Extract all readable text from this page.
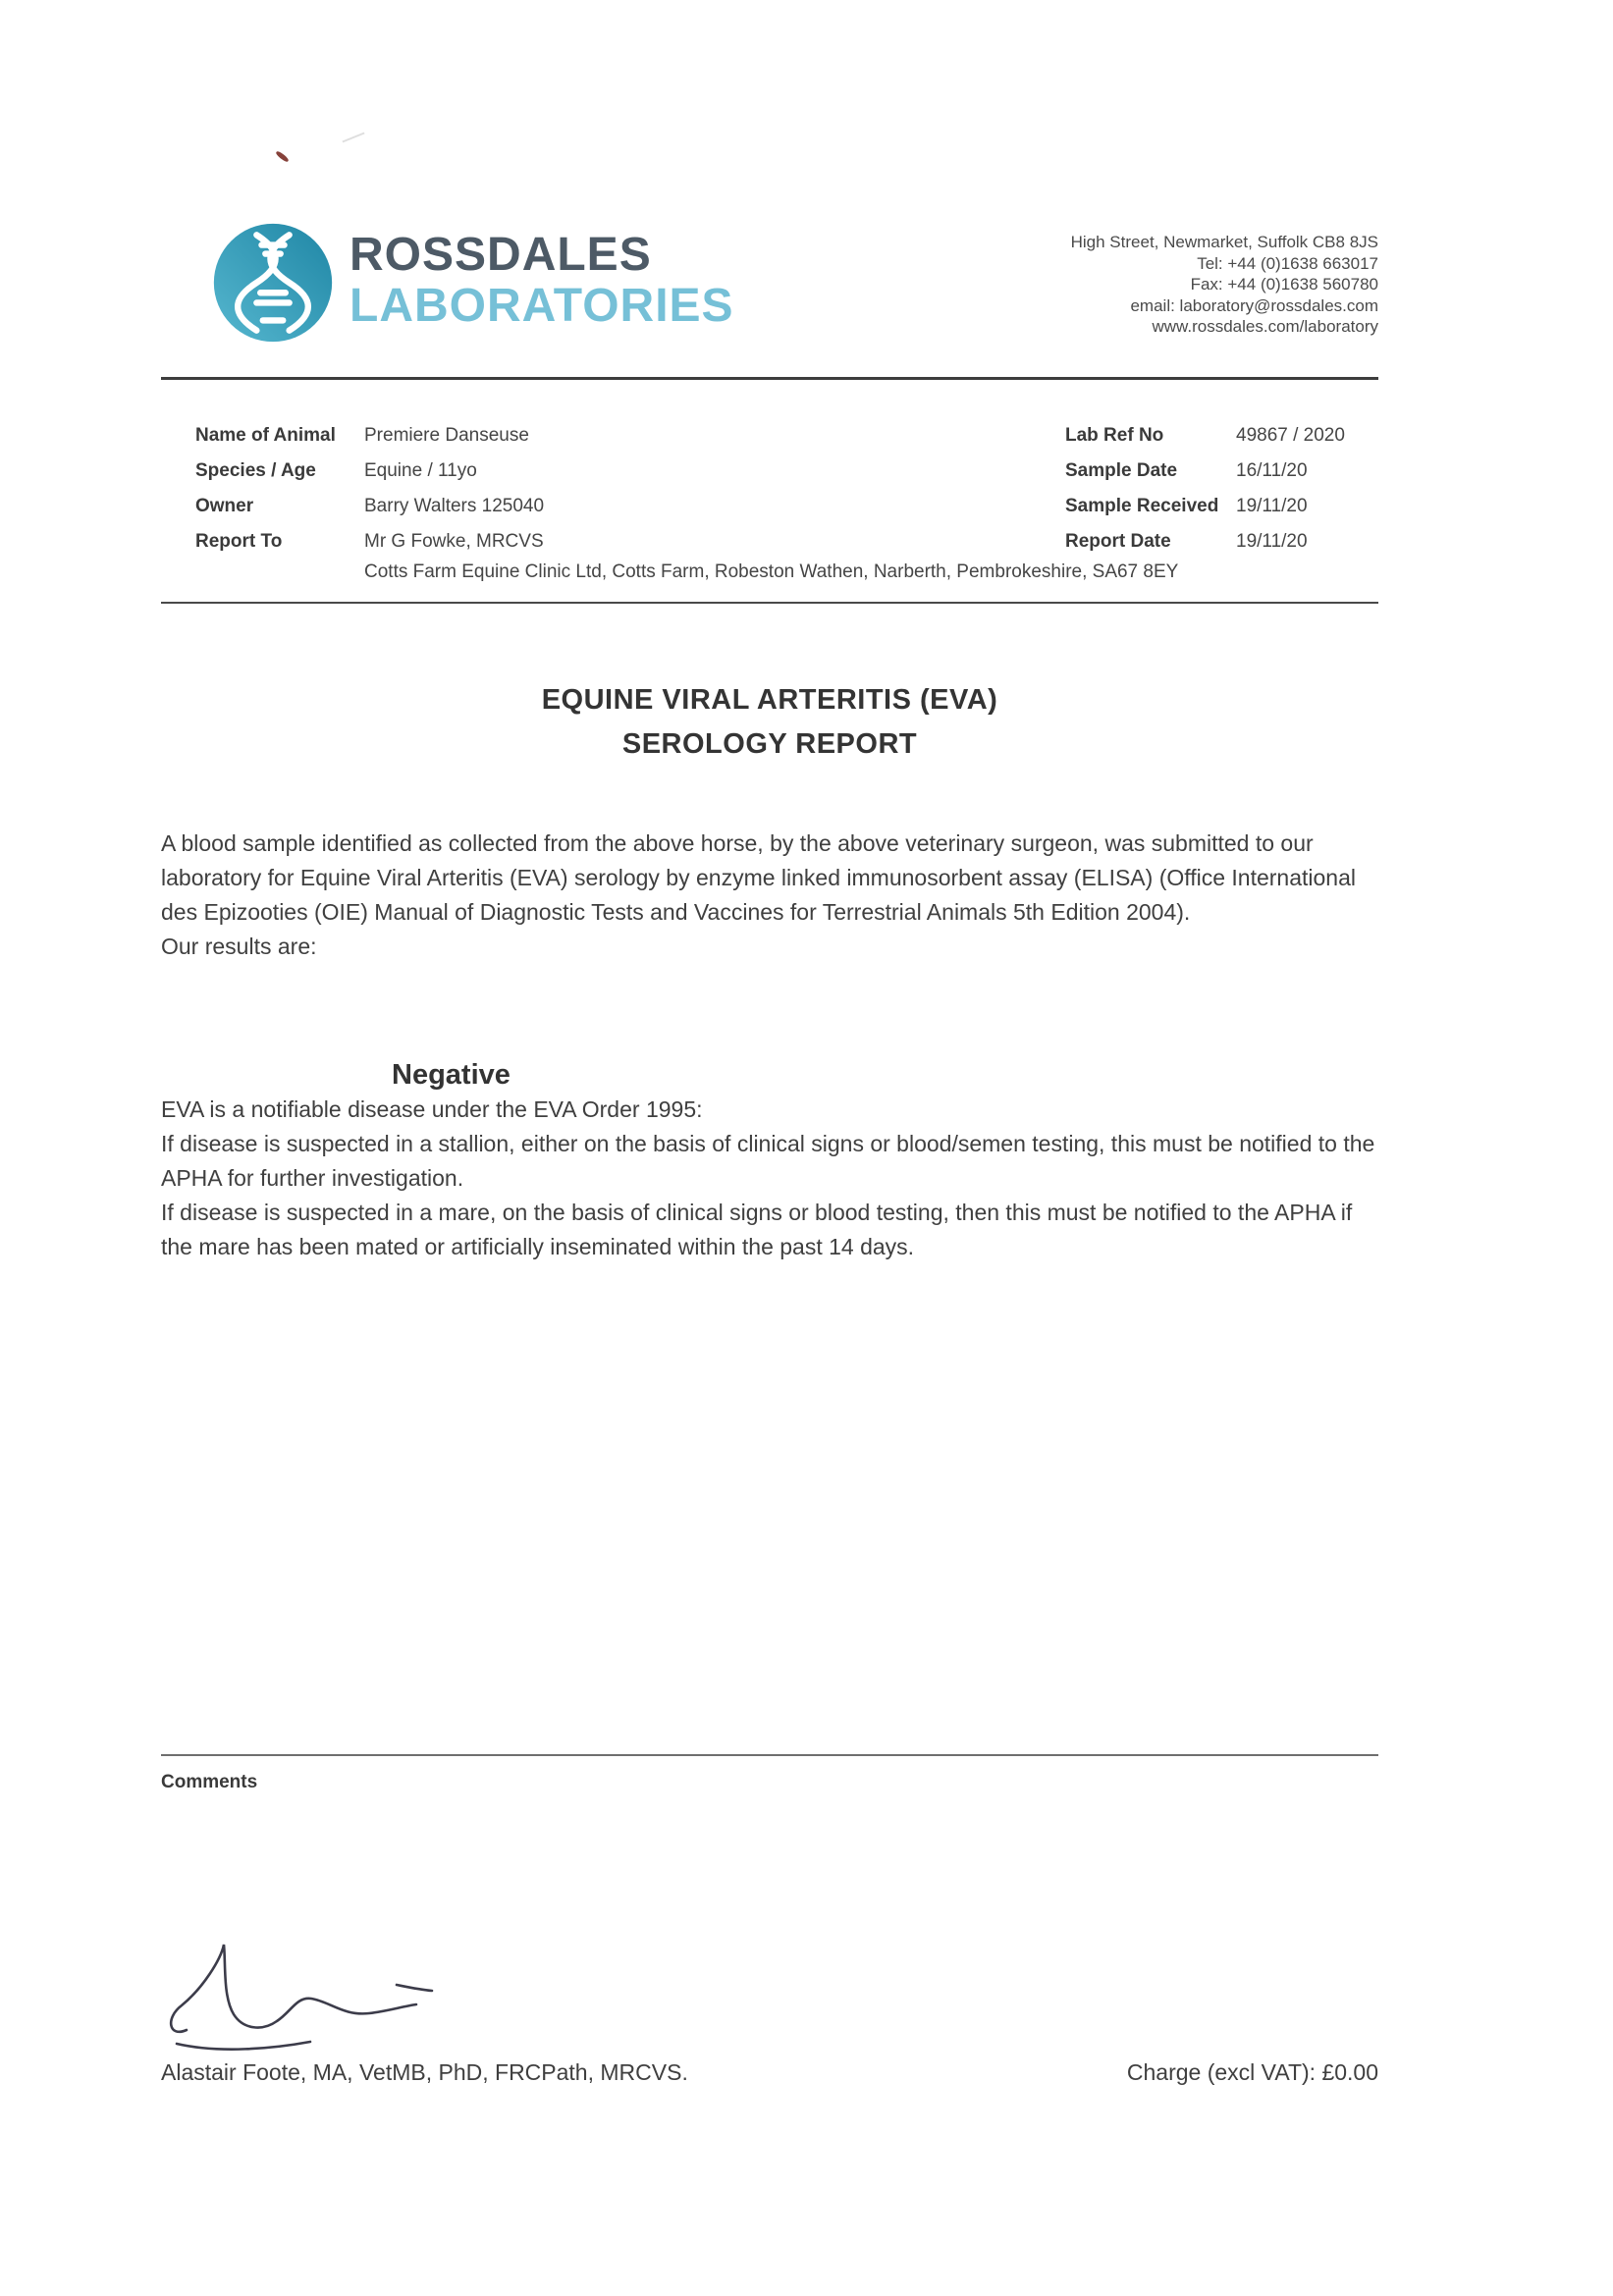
ROSSDALES
LABORATORIES
High Street, Newmarket, Suffolk CB8 8JS
Tel: +44 (0)1638 663017
Fax: +44 (0)1638 560780
email: laboratory@rossdales.com
www.rossdales.com/laboratory
Name of Animal	Premiere Danseuse
Species / Age	Equine / 11yo
Owner	Barry Walters 125040
Report To	Mr G Fowke, MRCVS
Lab Ref No	49867 / 2020
Sample Date	16/11/20
Sample Received 19/11/20
Report Date	19/11/20
Cotts Farm Equine Clinic Ltd, Cotts Farm, Robeston Wathen, Narberth, Pembrokeshire, SA67 8EY
EQUINE VIRAL ARTERITIS (EVA)
SEROLOGY REPORT

A blood sample identified as collected from the above horse, by the above veterinary surgeon, was submitted to our laboratory for Equine Viral Arteritis (EVA) serology by enzyme linked immunosorbent assay (ELISA) (Office International des Epizooties (OIE) Manual of Diagnostic Tests and Vaccines for Terrestrial Animals 5th Edition 2004).

Our results are:

Negative

EVA is a notifiable disease under the EVA Order 1995:

If disease is suspected in a stallion, either on the basis of clinical signs or blood/semen testing, this must be notified to the APHA for further investigation.

If disease is suspected in a mare, on the basis of clinical signs or blood testing, then this must be notified to the APHA if the mare has been mated or artificially inseminated within the past 14 days.

Comments
Alastair Foote, MA, VetMB, PhD, FRCPath, MRCVS.	Charge (excl VAT): £0.00
